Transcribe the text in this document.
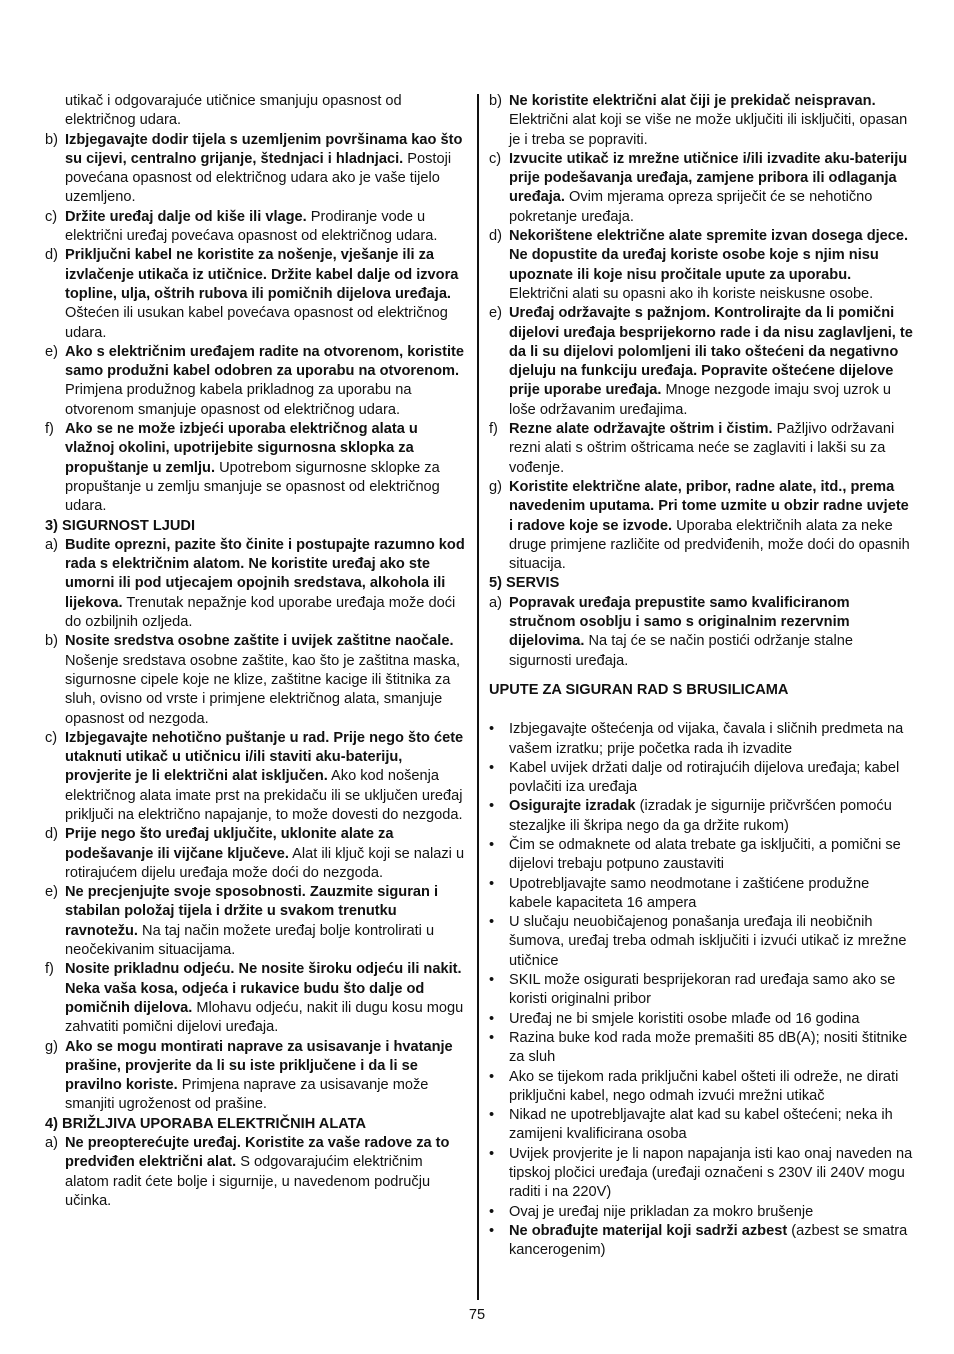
utikač i odgovarajuće utičnice smanjuju opasnost od električnog udara.
b) Izbjegavajte dodir tijela s uzemljenim površinama kao što su cijevi, centralno grijanje, štednjaci i hladnjaci. Postoji povećana opasnost od električnog udara ako je vaše tijelo uzemljeno.
c) Držite uređaj dalje od kiše ili vlage. Prodiranje vode u električni uređaj povećava opasnost od električnog udara.
d) Priključni kabel ne koristite za nošenje, vješanje ili za izvlačenje utikača iz utičnice. Držite kabel dalje od izvora topline, ulja, oštrih rubova ili pomičnih dijelova uređaja. Oštećen ili usukan kabel povećava opasnost od električnog udara.
e) Ako s električnim uređajem radite na otvorenom, koristite samo produžni kabel odobren za uporabu na otvorenom. Primjena produžnog kabela prikladnog za uporabu na otvorenom smanjuje opasnost od električnog udara.
f) Ako se ne može izbjeći uporaba električnog alata u vlažnoj okolini, upotrijebite sigurnosna sklopka za propuštanje u zemlju. Upotrebom sigurnosne sklopke za propuštanje u zemlju smanjuje se opasnost od električnog udara.
3) SIGURNOST LJUDI
a) Budite oprezni, pazite što činite i postupajte razumno kod rada s električnim alatom. Ne koristite uređaj ako ste umorni ili pod utjecajem opojnih sredstava, alkohola ili lijekova. Trenutak nepažnje kod uporabe uređaja može doći do ozbiljnih ozljeda.
b) Nosite sredstva osobne zaštite i uvijek zaštitne naočale. Nošenje sredstava osobne zaštite, kao što je zaštitna maska, sigurnosne cipele koje ne klize, zaštitne kacige ili štitnika za sluh, ovisno od vrste i primjene električnog alata, smanjuje opasnost od nezgoda.
c) Izbjegavajte nehotično puštanje u rad. Prije nego što ćete utaknuti utikač u utičnicu i/ili staviti aku-bateriju, provjerite je li električni alat isključen. Ako kod nošenja električnog alata imate prst na prekidaču ili se uključen uređaj priključi na električno napajanje, to može dovesti do nezgoda.
d) Prije nego što uređaj uključite, uklonite alate za podešavanje ili vijčane ključeve. Alat ili ključ koji se nalazi u rotirajućem dijelu uređaja može doći do nezgoda.
e) Ne precjenjujte svoje sposobnosti. Zauzmite siguran i stabilan položaj tijela i držite u svakom trenutku ravnotežu. Na taj način možete uređaj bolje kontrolirati u neočekivanim situacijama.
f) Nosite prikladnu odjeću. Ne nosite široku odjeću ili nakit. Neka vaša kosa, odjeća i rukavice budu što dalje od pomičnih dijelova. Mlohavu odjeću, nakit ili dugu kosu mogu zahvatiti pomični dijelovi uređaja.
g) Ako se mogu montirati naprave za usisavanje i hvatanje prašine, provjerite da li su iste priključene i da li se pravilno koriste. Primjena naprave za usisavanje može smanjiti ugroženost od prašine.
4) BRIŽLJIVA UPORABA ELEKTRIČNIH ALATA
a) Ne preopterećujte uređaj. Koristite za vaše radove za to predviđen električni alat. S odgovarajućim električnim alatom radit ćete bolje i sigurnije, u navedenom području učinka.
b) Ne koristite električni alat čiji je prekidač neispravan. Električni alat koji se više ne može uključiti ili isključiti, opasan je i treba se popraviti.
c) Izvucite utikač iz mrežne utičnice i/ili izvadite aku-bateriju prije podešavanja uređaja, zamjene pribora ili odlaganja uređaja. Ovim mjerama opreza spriječit će se nehotično pokretanje uređaja.
d) Nekorištene električne alate spremite izvan dosega djece. Ne dopustite da uređaj koriste osobe koje s njim nisu upoznate ili koje nisu pročitale upute za uporabu. Električni alati su opasni ako ih koriste neiskusne osobe.
e) Uređaj održavajte s pažnjom. Kontrolirajte da li pomični dijelovi uređaja besprijekorno rade i da nisu zaglavljeni, te da li su dijelovi polomljeni ili tako oštećeni da negativno djeluju na funkciju uređaja. Popravite oštećene dijelove prije uporabe uređaja. Mnoge nezgode imaju svoj uzrok u loše održavanim uređajima.
f) Rezne alate održavajte oštrim i čistim. Pažljivo održavani rezni alati s oštrim oštricama neće se zaglaviti i lakši su za vođenje.
g) Koristite električne alate, pribor, radne alate, itd., prema navedenim uputama. Pri tome uzmite u obzir radne uvjete i radove koje se izvode. Uporaba električnih alata za neke druge primjene različite od predviđenih, može doći do opasnih situacija.
5) SERVIS
a) Popravak uređaja prepustite samo kvalificiranom stručnom osoblju i samo s originalnim rezervnim dijelovima. Na taj će se način postići održanje stalne sigurnosti uređaja.
UPUTE ZA SIGURAN RAD S BRUSILICAMA
•	Izbjegavajte oštećenja od vijaka, čavala i sličnih predmeta na vašem izratku; prije početka rada ih izvadite
•	Kabel uvijek držati dalje od rotirajućih dijelova uređaja; kabel povlačiti iza uređaja
•	Osigurajte izradak (izradak je sigurnije pričvršćen pomoću stezaljke ili škripa nego da ga držite rukom)
•	Čim se odmaknete od alata trebate ga isključiti, a pomični se dijelovi trebaju potpuno zaustaviti
•	Upotrebljavajte samo neodmotane i zaštićene produžne kabele kapaciteta 16 ampera
•	U slučaju neuobičajenog ponašanja uređaja ili neobičnih šumova, uređaj treba odmah isključiti i izvući utikač iz mrežne utičnice
•	SKIL može osigurati besprijekoran rad uređaja samo ako se koristi originalni pribor
•	Uređaj ne bi smjele koristiti osobe mlađe od 16 godina
•	Razina buke kod rada može premašiti 85 dB(A); nositi štitnike za sluh
•	Ako se tijekom rada priključni kabel ošteti ili odreže, ne dirati priključni kabel, nego odmah izvući mrežni utikač
•	Nikad ne upotrebljavajte alat kad su kabel oštećeni; neka ih zamijeni kvalificirana osoba
•	Uvijek provjerite je li napon napajanja isti kao onaj naveden na tipskoj pločici uređaja (uređaji označeni s 230V ili 240V mogu raditi i na 220V)
•	Ovaj je uređaj nije prikladan za mokro brušenje
•	Ne obrađujte materijal koji sadrži azbest (azbest se smatra kancerogenim)
75
